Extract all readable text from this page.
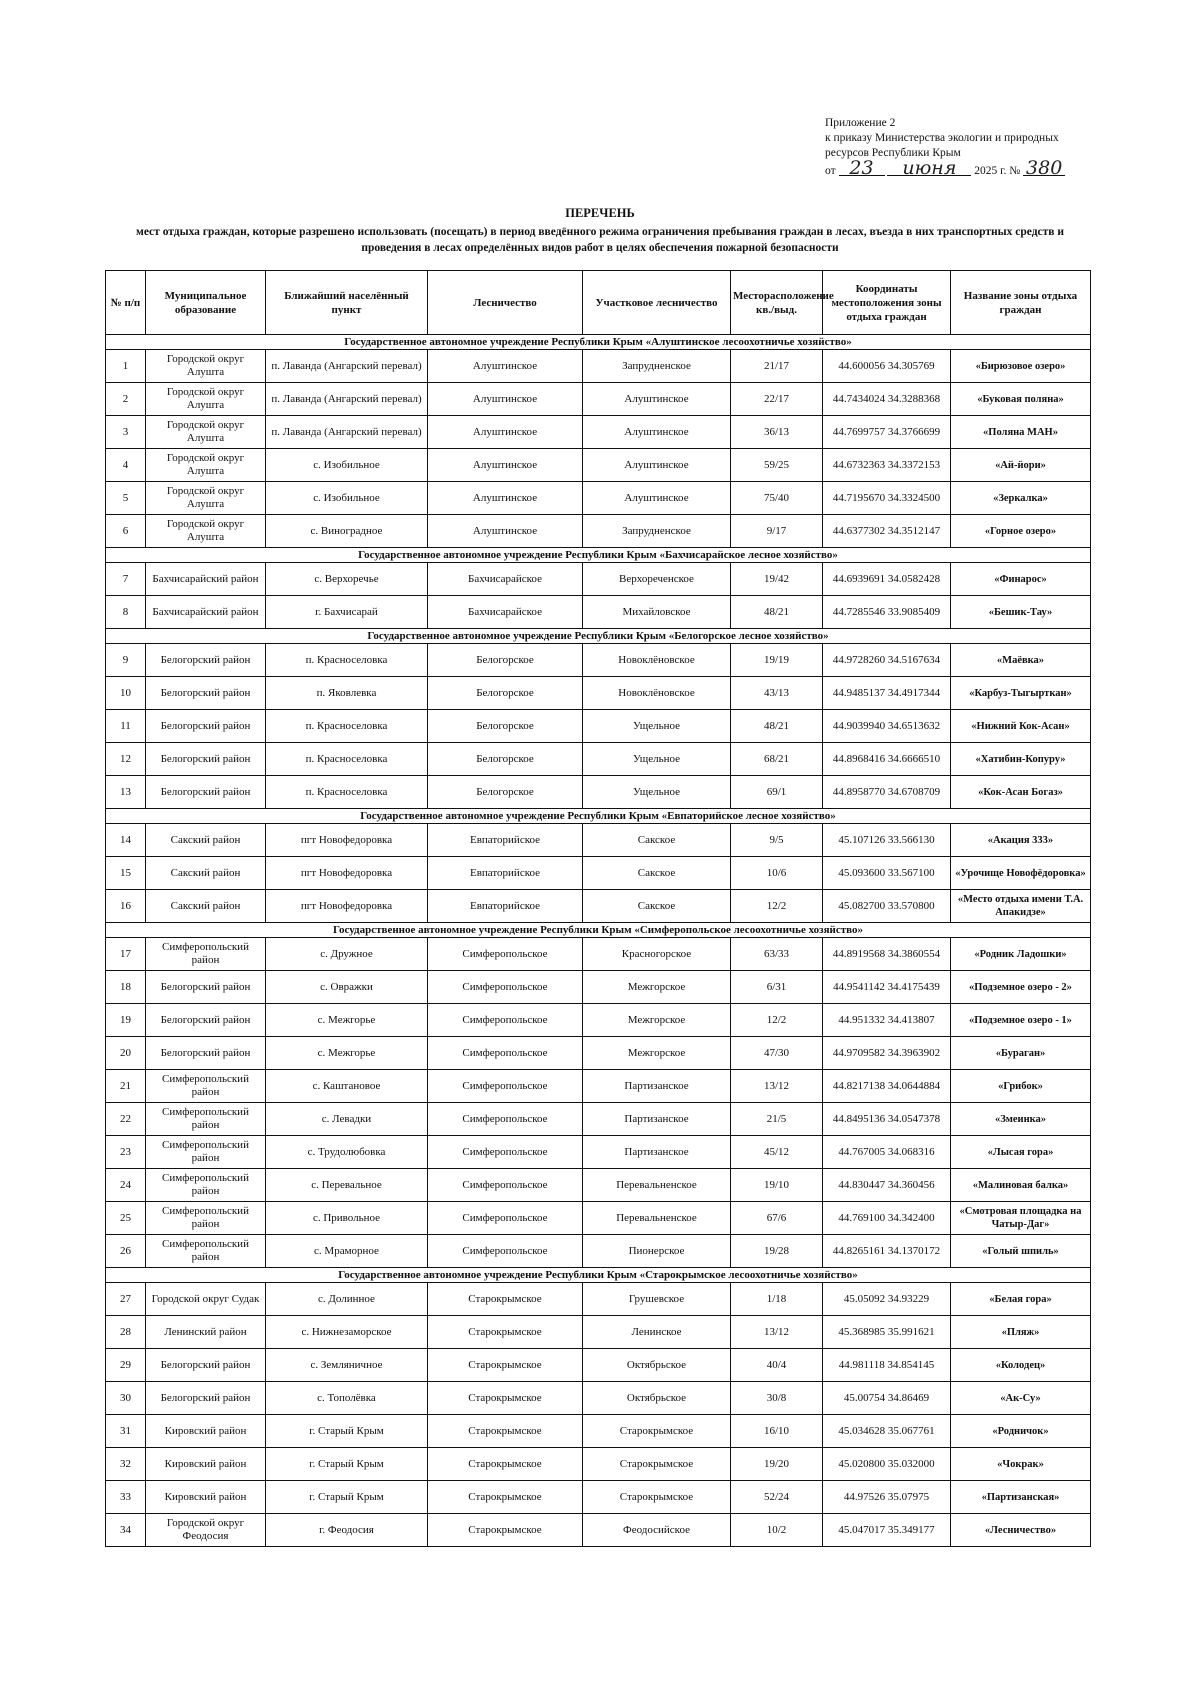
Приложение 2
к приказу Министерства экологии и природных
ресурсов Республики Крым
от 23 июня 2025 г. № 380
ПЕРЕЧЕНЬ
мест отдыха граждан, которые разрешено использовать (посещать) в период введённого режима ограничения пребывания граждан в лесах, въезда в них транспортных средств и проведения в лесах определённых видов работ в целях обеспечения пожарной безопасности
№ п/п	Муниципальное образование	Ближайший населённый пункт	Лесничество	Участковое лесничество	Месторасположение кв./выд.	Координаты местоположения зоны отдыха граждан	Название зоны отдыха граждан
Государственное автономное учреждение Республики Крым «Алуштинское лесоохотничье хозяйство»							
1	Городской округ Алушта	п. Лаванда (Ангарский перевал)	Алуштинское	Запрудненское	21/17	44.600056 34.305769	«Бирюзовое озеро»
2	Городской округ Алушта	п. Лаванда (Ангарский перевал)	Алуштинское	Алуштинское	22/17	44.7434024 34.3288368	«Буковая поляна»
3	Городской округ Алушта	п. Лаванда (Ангарский перевал)	Алуштинское	Алуштинское	36/13	44.7699757 34.3766699	«Поляна МАН»
4	Городской округ Алушта	с. Изобильное	Алуштинское	Алуштинское	59/25	44.6732363 34.3372153	«Ай-йори»
5	Городской округ Алушта	с. Изобильное	Алуштинское	Алуштинское	75/40	44.7195670 34.3324500	«Зеркалка»
6	Городской округ Алушта	с. Виноградное	Алуштинское	Запрудненское	9/17	44.6377302 34.3512147	«Горное озеро»
Государственное автономное учреждение Республики Крым «Бахчисарайское лесное хозяйство»							
7	Бахчисарайский район	с. Верхоречье	Бахчисарайское	Верхореченское	19/42	44.6939691 34.0582428	«Финарос»
8	Бахчисарайский район	г. Бахчисарай	Бахчисарайское	Михайловское	48/21	44.7285546 33.9085409	«Бешик-Тау»
Государственное автономное учреждение Республики Крым «Белогорское лесное хозяйство»							
9	Белогорский район	п. Красноселовка	Белогорское	Новоклёновское	19/19	44.9728260 34.5167634	«Маёвка»
10	Белогорский район	п. Яковлевка	Белогорское	Новоклёновское	43/13	44.9485137 34.4917344	«Карбуз-Тыгырткан»
11	Белогорский район	п. Красноселовка	Белогорское	Ущельное	48/21	44.9039940 34.6513632	«Нижний Кок-Асан»
12	Белогорский район	п. Красноселовка	Белогорское	Ущельное	68/21	44.8968416 34.6666510	«Хатибин-Копуру»
13	Белогорский район	п. Красноселовка	Белогорское	Ущельное	69/1	44.8958770 34.6708709	«Кок-Асан Богаз»
Государственное автономное учреждение Республики Крым «Евпаторийское лесное хозяйство»							
14	Сакский район	пгт Новофедоровка	Евпаторийское	Сакское	9/5	45.107126 33.566130	«Акация 333»
15	Сакский район	пгт Новофедоровка	Евпаторийское	Сакское	10/6	45.093600 33.567100	«Урочище Новофёдоровка»
16	Сакский район	пгт Новофедоровка	Евпаторийское	Сакское	12/2	45.082700 33.570800	«Место отдыха имени Т.А. Апакидзе»
Государственное автономное учреждение Республики Крым «Симферопольское лесоохотничье хозяйство»							
17	Симферопольский район	с. Дружное	Симферопольское	Красногорское	63/33	44.8919568 34.3860554	«Родник Ладошки»
18	Белогорский район	с. Овражки	Симферопольское	Межгорское	6/31	44.9541142 34.4175439	«Подземное озеро - 2»
19	Белогорский район	с. Межгорье	Симферопольское	Межгорское	12/2	44.951332 34.413807	«Подземное озеро - 1»
20	Белогорский район	с. Межгорье	Симферопольское	Межгорское	47/30	44.9709582 34.3963902	«Бураган»
21	Симферопольский район	с. Каштановое	Симферопольское	Партизанское	13/12	44.8217138 34.0644884	«Грибок»
22	Симферопольский район	с. Левадки	Симферопольское	Партизанское	21/5	44.8495136 34.0547378	«Змеинка»
23	Симферопольский район	с. Трудолюбовка	Симферопольское	Партизанское	45/12	44.767005 34.068316	«Лысая гора»
24	Симферопольский район	с. Перевальное	Симферопольское	Перевальненское	19/10	44.830447 34.360456	«Малиновая балка»
25	Симферопольский район	с. Привольное	Симферопольское	Перевальненское	67/6	44.769100 34.342400	«Смотровая площадка на Чатыр-Даг»
26	Симферопольский район	с. Мраморное	Симферопольское	Пионерское	19/28	44.8265161 34.1370172	«Голый шпиль»
Государственное автономное учреждение Республики Крым «Старокрымское лесоохотничье хозяйство»							
27	Городской округ Судак	с. Долинное	Старокрымское	Грушевское	1/18	45.05092 34.93229	«Белая гора»
28	Ленинский район	с. Нижнезаморское	Старокрымское	Ленинское	13/12	45.368985 35.991621	«Пляж»
29	Белогорский район	с. Земляничное	Старокрымское	Октябрьское	40/4	44.981118 34.854145	«Колодец»
30	Белогорский район	с. Тополёвка	Старокрымское	Октябрьское	30/8	45.00754 34.86469	«Ак-Су»
31	Кировский район	г. Старый Крым	Старокрымское	Старокрымское	16/10	45.034628 35.067761	«Родничок»
32	Кировский район	г. Старый Крым	Старокрымское	Старокрымское	19/20	45.020800 35.032000	«Чокрак»
33	Кировский район	г. Старый Крым	Старокрымское	Старокрымское	52/24	44.97526 35.07975	«Партизанская»
34	Городской округ Феодосия	г. Феодосия	Старокрымское	Феодосийское	10/2	45.047017 35.349177	«Лесничество»
